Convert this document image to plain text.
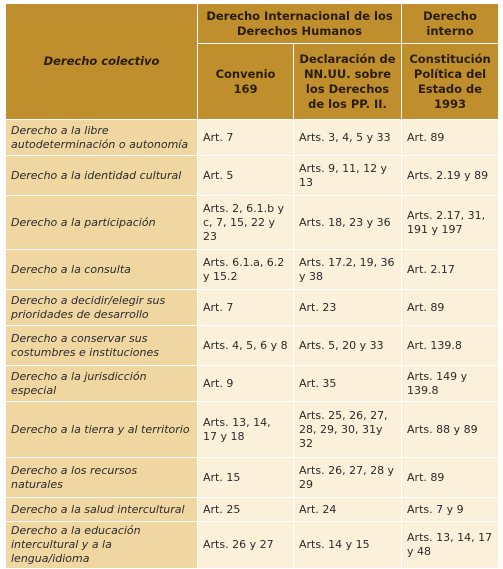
Derecho colectivo	Derecho Internacional de los Derechos Humanos		Derecho interno
	Convenio 169	Declaración de NN.UU. sobre los Derechos de los PP. II.	Constitución Política del Estado de 1993
Derecho a la libre autodeterminación o autonomía	Art. 7	Arts. 3, 4, 5 y 33	Art. 89
Derecho a la identidad cultural	Art. 5	Arts. 9, 11, 12 y 13	Arts. 2.19 y 89
Derecho a la participación	Arts. 2, 6.1.b y c, 7, 15, 22 y 23	Arts. 18, 23 y 36	Arts. 2.17, 31, 191 y 197
Derecho a la consulta	Arts. 6.1.a, 6.2 y 15.2	Arts. 17.2, 19, 36 y 38	Art. 2.17
Derecho a decidir/elegir sus prioridades de desarrollo	Art. 7	Art. 23	Art. 89
Derecho a conservar sus costumbres e instituciones	Arts. 4, 5, 6 y 8	Arts. 5, 20 y 33	Art. 139.8
Derecho a la jurisdicción especial	Art. 9	Art. 35	Arts. 149 y 139.8
Derecho a la tierra y al territorio	Arts. 13, 14, 17 y 18	Arts. 25, 26, 27, 28, 29, 30, 31y 32	Arts. 88 y 89
Derecho a los recursos naturales	Art. 15	Arts. 26, 27, 28 y 29	Art. 89
Derecho a la salud intercultural	Art. 25	Art. 24	Arts. 7 y 9
Derecho a la educación intercultural y a la lengua/idioma	Arts. 26 y 27	Arts. 14 y 15	Arts. 13, 14, 17 y 48
